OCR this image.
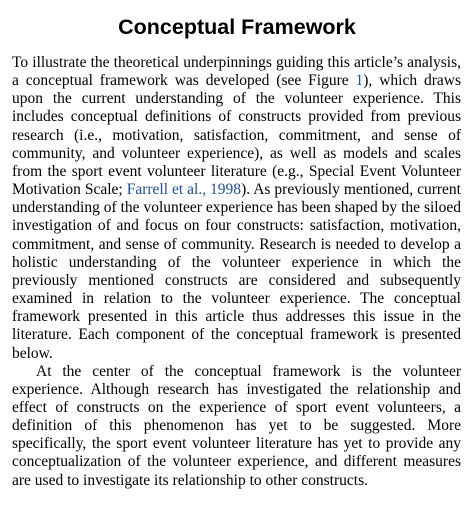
Conceptual Framework

To illustrate the theoretical underpinnings guiding this article’s analysis, a conceptual framework was developed (see Figure 1), which draws upon the current understanding of the volunteer experience. This includes conceptual definitions of constructs provided from previous research (i.e., motivation, satisfaction, commitment, and sense of community, and volunteer experience), as well as models and scales from the sport event volunteer literature (e.g., Special Event Volunteer Motivation Scale; Farrell et al., 1998). As previously mentioned, current understanding of the volunteer experience has been shaped by the siloed investigation of and focus on four constructs: satisfaction, motivation, commitment, and sense of community. Research is needed to develop a holistic understanding of the volunteer experience in which the previously mentioned constructs are considered and subsequently examined in relation to the volunteer experience. The conceptual framework presented in this article thus addresses this issue in the literature. Each component of the conceptual framework is presented below.

At the center of the conceptual framework is the volunteer experience. Although research has investigated the relationship and effect of constructs on the experience of sport event volunteers, a definition of this phenomenon has yet to be suggested. More specifically, the sport event volunteer literature has yet to provide any conceptualization of the volunteer experience, and different measures are used to investigate its relationship to other constructs.
